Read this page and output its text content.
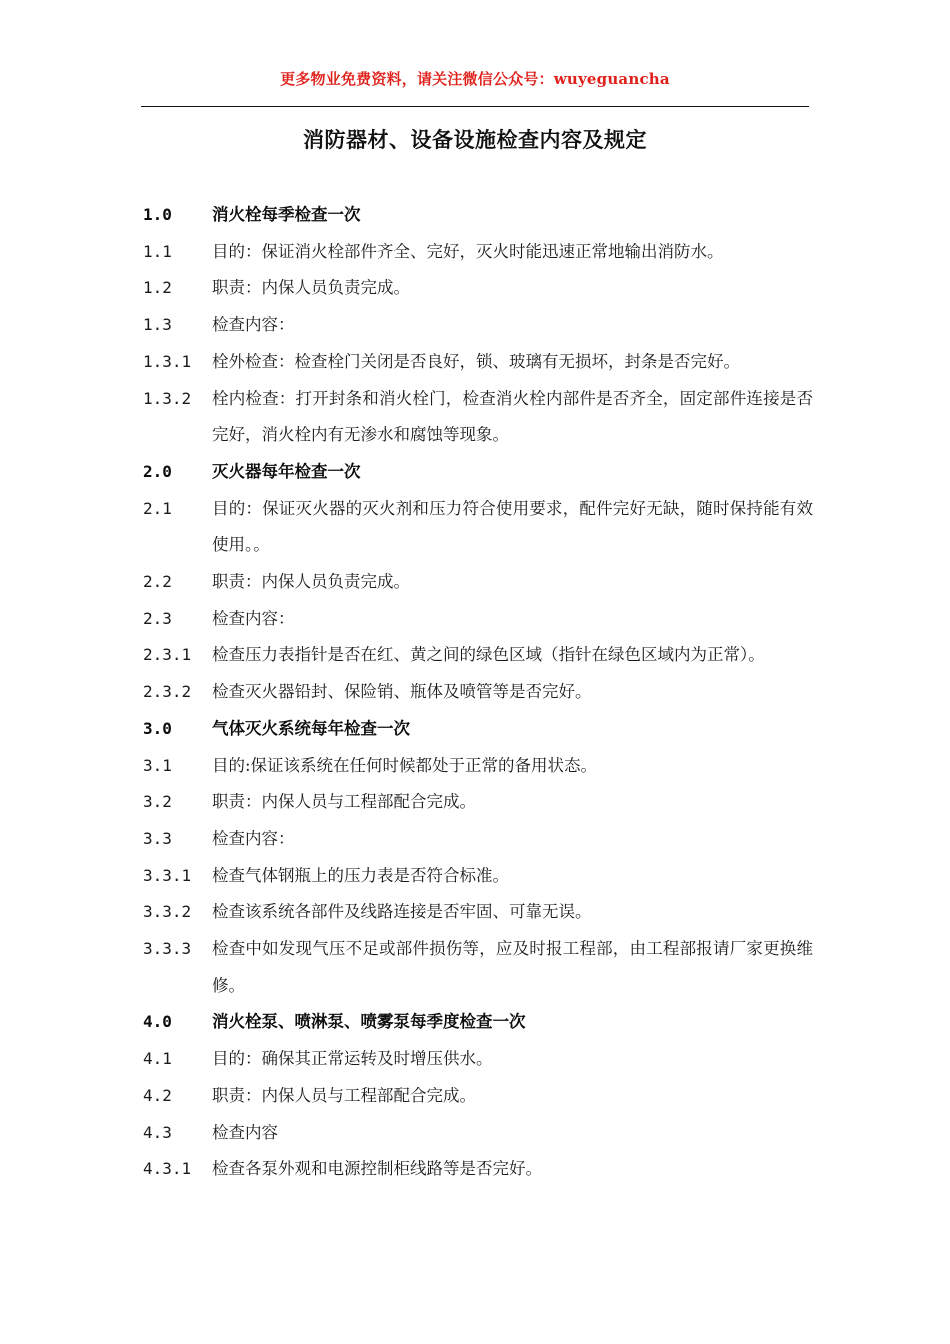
更多物业免费资料，请关注微信公众号：wuyeguancha
消防器材、设备设施检查内容及规定
1.0	消火栓每季检查一次
1.1	目的：保证消火栓部件齐全、完好，灭火时能迅速正常地输出消防水。
1.2	职责：内保人员负责完成。
1.3	检查内容：
1.3.1	栓外检查：检查栓门关闭是否良好，锁、玻璃有无损坏，封条是否完好。
1.3.2	栓内检查：打开封条和消火栓门，检查消火栓内部件是否齐全，固定部件连接是否完好，消火栓内有无渗水和腐蚀等现象。
2.0	灭火器每年检查一次
2.1	目的：保证灭火器的灭火剂和压力符合使用要求，配件完好无缺，随时保持能有效使用。。
2.2	职责：内保人员负责完成。
2.3	检查内容：
2.3.1	检查压力表指针是否在红、黄之间的绿色区域（指针在绿色区域内为正常）。
2.3.2	检查灭火器铅封、保险销、瓶体及喷管等是否完好。
3.0	气体灭火系统每年检查一次
3.1	目的:保证该系统在任何时候都处于正常的备用状态。
3.2	职责：内保人员与工程部配合完成。
3.3	检查内容：
3.3.1	检查气体钢瓶上的压力表是否符合标准。
3.3.2	检查该系统各部件及线路连接是否牢固、可靠无误。
3.3.3	检查中如发现气压不足或部件损伤等，应及时报工程部，由工程部报请厂家更换维修。
4.0	消火栓泵、喷淋泵、喷雾泵每季度检查一次
4.1	目的：确保其正常运转及时增压供水。
4.2	职责：内保人员与工程部配合完成。
4.3	检查内容
4.3.1	检查各泵外观和电源控制柜线路等是否完好。
